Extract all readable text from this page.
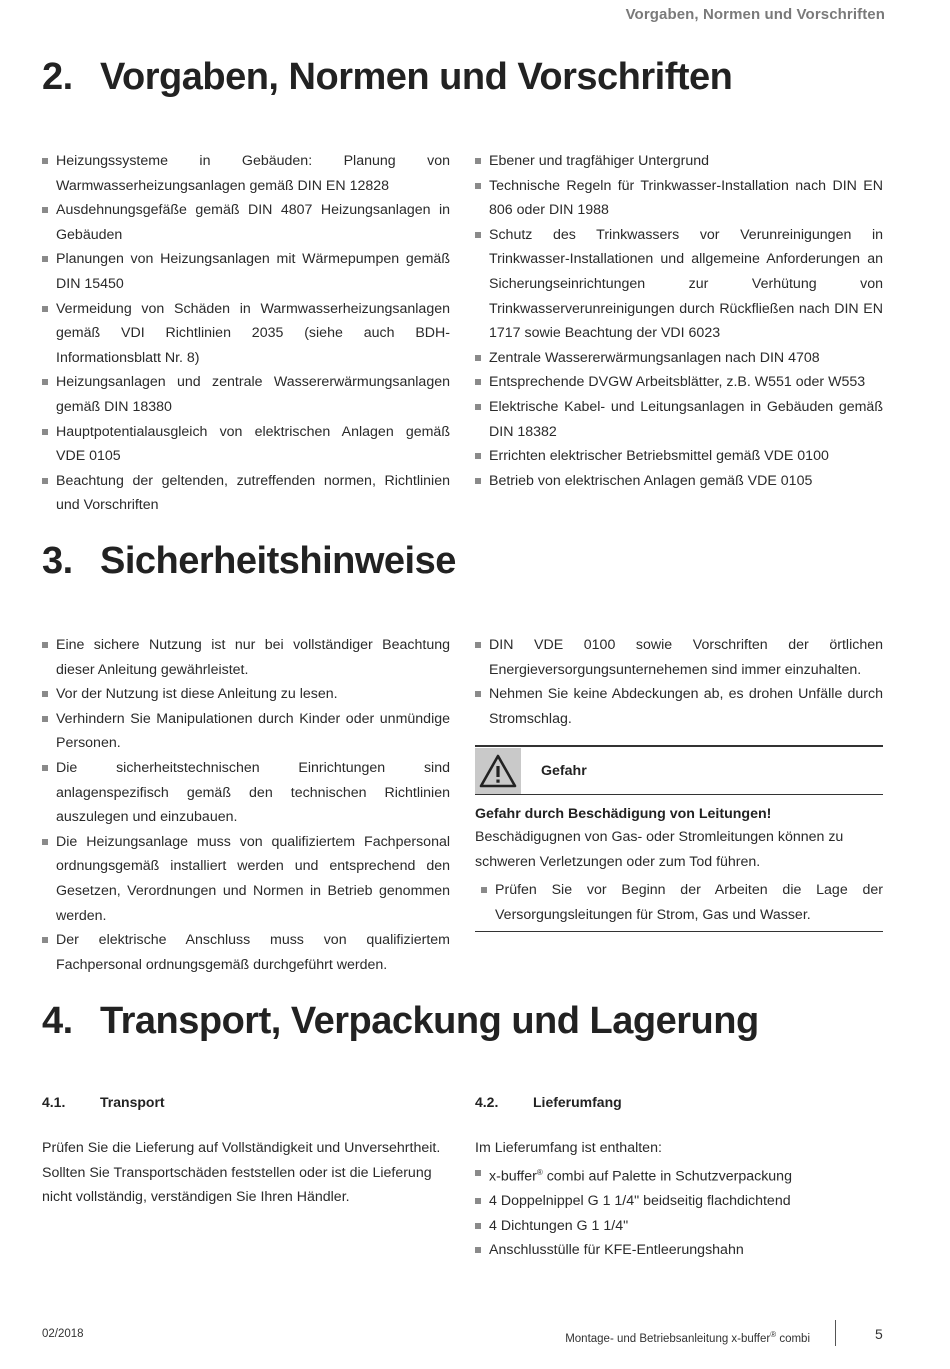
Vorgaben, Normen und Vorschriften
2. Vorgaben, Normen und Vorschriften
Heizungssysteme in Gebäuden: Planung von Warmwasserheizungsanlagen gemäß DIN EN 12828
Ausdehnungsgefäße gemäß DIN 4807 Heizungsanlagen in Gebäuden
Planungen von Heizungsanlagen mit Wärmepumpen gemäß DIN 15450
Vermeidung von Schäden in Warmwasserheizungsanlagen gemäß VDI Richtlinien 2035 (siehe auch BDH-Informationsblatt Nr. 8)
Heizungsanlagen und zentrale Wassererwärmungsanlagen gemäß DIN 18380
Hauptpotentialausgleich von elektrischen Anlagen gemäß VDE 0105
Beachtung der geltenden, zutreffenden normen, Richtlinien und Vorschriften
Ebener und tragfähiger Untergrund
Technische Regeln für Trinkwasser-Installation nach DIN EN 806 oder DIN 1988
Schutz des Trinkwassers vor Verunreinigungen in Trinkwasser-Installationen und allgemeine Anforderungen an Sicherungseinrichtungen zur Verhütung von Trinkwasserverunreinigungen durch Rückfließen nach DIN EN 1717 sowie Beachtung der VDI 6023
Zentrale Wassererwärmungsanlagen nach DIN 4708
Entsprechende DVGW Arbeitsblätter, z.B. W551 oder W553
Elektrische Kabel- und Leitungsanlagen in Gebäuden gemäß DIN 18382
Errichten elektrischer Betriebsmittel gemäß VDE 0100
Betrieb von elektrischen Anlagen gemäß VDE 0105
3. Sicherheitshinweise
Eine sichere Nutzung ist nur bei vollständiger Beachtung dieser Anleitung gewährleistet.
Vor der Nutzung ist diese Anleitung zu lesen.
Verhindern Sie Manipulationen durch Kinder oder unmündige Personen.
Die sicherheitstechnischen Einrichtungen sind anlagenspezifisch gemäß den technischen Richtlinien auszulegen und einzubauen.
Die Heizungsanlage muss von qualifiziertem Fachpersonal ordnungsgemäß installiert werden und entsprechend den Gesetzen, Verordnungen und Normen in Betrieb genommen werden.
Der elektrische Anschluss muss von qualifiziertem Fachpersonal ordnungsgemäß durchgeführt werden.
DIN VDE 0100 sowie Vorschriften der örtlichen Energieversorgungsunternehemen sind immer einzuhalten.
Nehmen Sie keine Abdeckungen ab, es drohen Unfälle durch Stromschlag.
Gefahr
Gefahr durch Beschädigung von Leitungen!
Beschädigugnen von Gas- oder Stromleitungen können zu schweren Verletzungen oder zum Tod führen.
Prüfen Sie vor Beginn der Arbeiten die Lage der Versorgungsleitungen für Strom, Gas und Wasser.
4. Transport, Verpackung und Lagerung
4.1. Transport
Prüfen Sie die Lieferung auf Vollständigkeit und Unversehrtheit. Sollten Sie Transportschäden feststellen oder ist die Lieferung nicht vollständig, verständigen Sie Ihren Händler.
4.2. Lieferumfang
Im Lieferumfang ist enthalten:
x-buffer® combi auf Palette in Schutzverpackung
4 Doppelnippel G 1 1/4" beidseitig flachdichtend
4 Dichtungen G 1 1/4"
Anschlusstülle für KFE-Entleerungshahn
02/2018	Montage- und Betriebsanleitung x-buffer® combi	5
